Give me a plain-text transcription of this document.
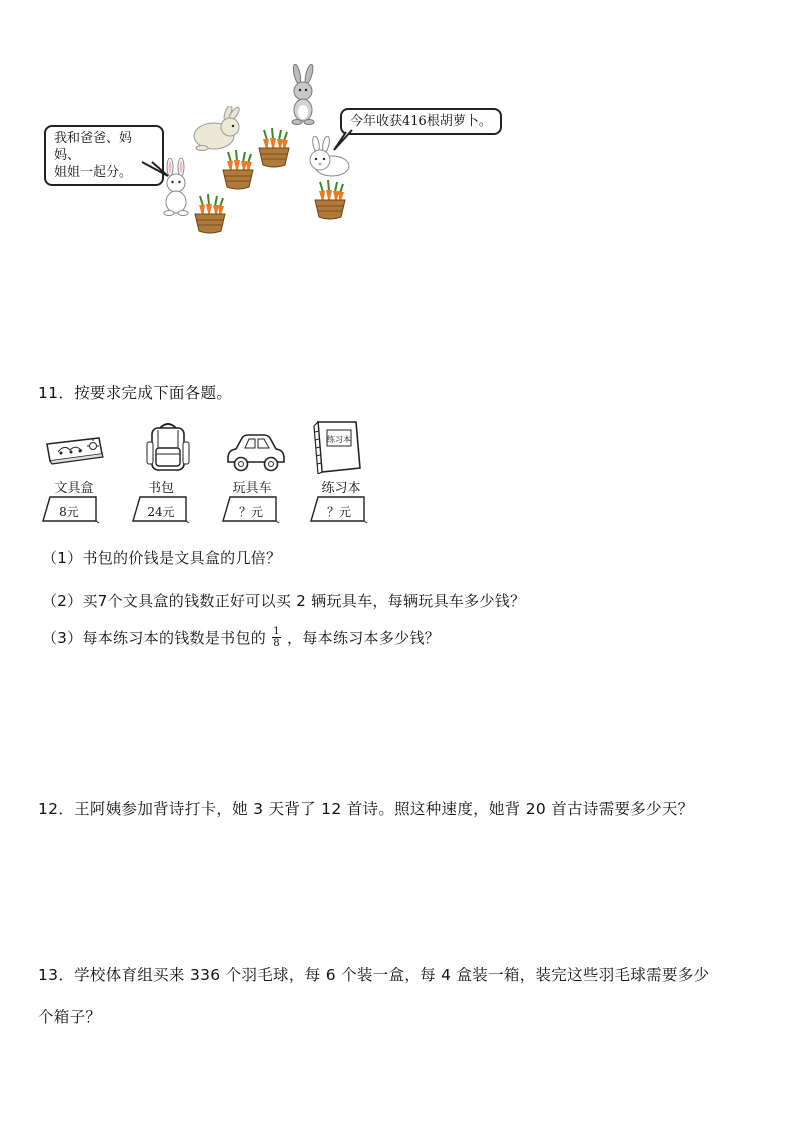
我和爸爸、妈妈、
姐姐一起分。
今年收获416根胡萝卜。
11．按要求完成下面各题。
练习本
文具盒	书包	玩具车	练习本
8元	24元	？元	？元
（1）书包的价钱是文具盒的几倍？
（2）买7个文具盒的钱数正好可以买 2 辆玩具车，每辆玩具车多少钱？
（3）每本练习本的钱数是书包的 $\frac{1}{8}$ ，每本练习本多少钱？
12．王阿姨参加背诗打卡，她 3 天背了 12 首诗。照这种速度，她背 20 首古诗需要多少天？
13．学校体育组买来 336 个羽毛球，每 6 个装一盒，每 4 盒装一箱，装完这些羽毛球需要多少
个箱子？
